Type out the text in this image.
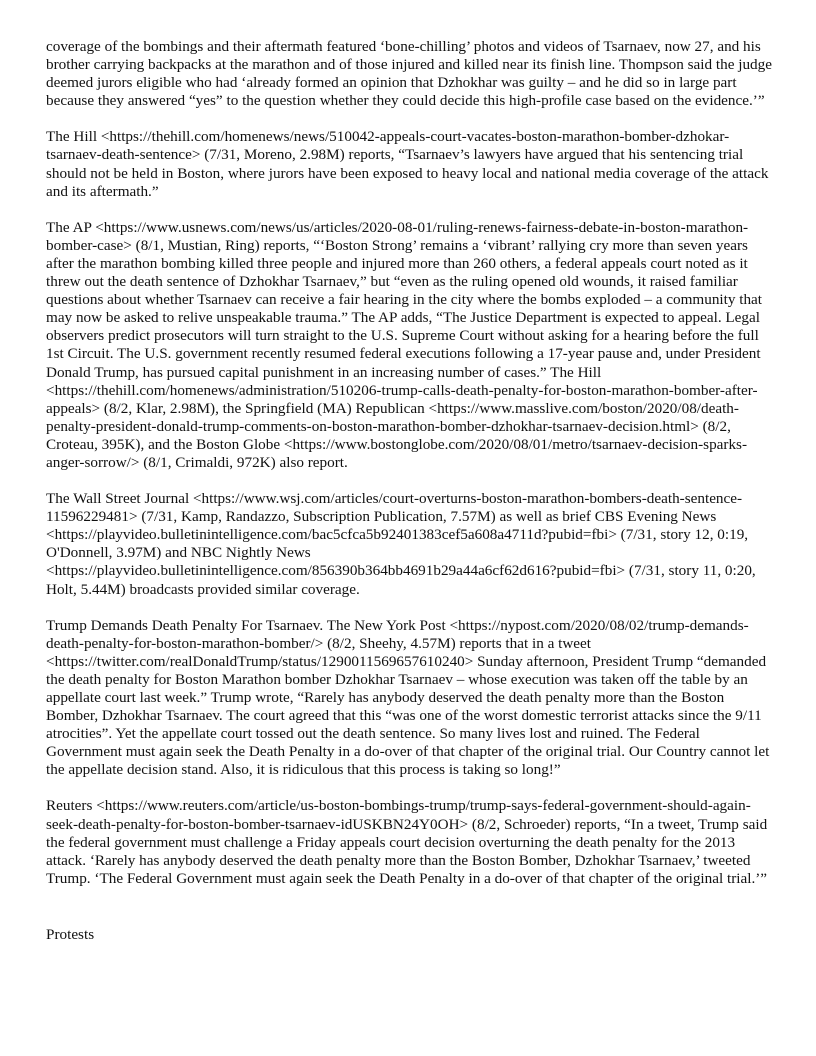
coverage of the bombings and their aftermath featured ‘bone-chilling’ photos and videos of Tsarnaev, now 27, and his brother carrying backpacks at the marathon and of those injured and killed near its finish line. Thompson said the judge deemed jurors eligible who had ‘already formed an opinion that Dzhokhar was guilty – and he did so in large part because they answered “yes” to the question whether they could decide this high-profile case based on the evidence.’”

The Hill <https://thehill.com/homenews/news/510042-appeals-court-vacates-boston-marathon-bomber-dzhokar-tsarnaev-death-sentence> (7/31, Moreno, 2.98M) reports, “Tsarnaev’s lawyers have argued that his sentencing trial should not be held in Boston, where jurors have been exposed to heavy local and national media coverage of the attack and its aftermath.”

The AP <https://www.usnews.com/news/us/articles/2020-08-01/ruling-renews-fairness-debate-in-boston-marathon-bomber-case> (8/1, Mustian, Ring) reports, “‘Boston Strong’ remains a ‘vibrant’ rallying cry more than seven years after the marathon bombing killed three people and injured more than 260 others, a federal appeals court noted as it threw out the death sentence of Dzhokhar Tsarnaev,” but “even as the ruling opened old wounds, it raised familiar questions about whether Tsarnaev can receive a fair hearing in the city where the bombs exploded – a community that may now be asked to relive unspeakable trauma.” The AP adds, “The Justice Department is expected to appeal. Legal observers predict prosecutors will turn straight to the U.S. Supreme Court without asking for a hearing before the full 1st Circuit. The U.S. government recently resumed federal executions following a 17-year pause and, under President Donald Trump, has pursued capital punishment in an increasing number of cases.” The Hill <https://thehill.com/homenews/administration/510206-trump-calls-death-penalty-for-boston-marathon-bomber-after-appeals> (8/2, Klar, 2.98M), the Springfield (MA) Republican <https://www.masslive.com/boston/2020/08/death-penalty-president-donald-trump-comments-on-boston-marathon-bomber-dzhokhar-tsarnaev-decision.html> (8/2, Croteau, 395K), and the Boston Globe <https://www.bostonglobe.com/2020/08/01/metro/tsarnaev-decision-sparks-anger-sorrow/> (8/1, Crimaldi, 972K) also report.

The Wall Street Journal <https://www.wsj.com/articles/court-overturns-boston-marathon-bombers-death-sentence-11596229481> (7/31, Kamp, Randazzo, Subscription Publication, 7.57M) as well as brief CBS Evening News <https://playvideo.bulletinintelligence.com/bac5cfca5b92401383cef5a608a4711d?pubid=fbi> (7/31, story 12, 0:19, O'Donnell, 3.97M) and NBC Nightly News <https://playvideo.bulletinintelligence.com/856390b364bb4691b29a44a6cf62d616?pubid=fbi> (7/31, story 11, 0:20, Holt, 5.44M) broadcasts provided similar coverage.

Trump Demands Death Penalty For Tsarnaev. The New York Post <https://nypost.com/2020/08/02/trump-demands-death-penalty-for-boston-marathon-bomber/> (8/2, Sheehy, 4.57M) reports that in a tweet <https://twitter.com/realDonaldTrump/status/1290011569657610240> Sunday afternoon, President Trump “demanded the death penalty for Boston Marathon bomber Dzhokhar Tsarnaev – whose execution was taken off the table by an appellate court last week.” Trump wrote, “Rarely has anybody deserved the death penalty more than the Boston Bomber, Dzhokhar Tsarnaev. The court agreed that this “was one of the worst domestic terrorist attacks since the 9/11 atrocities”. Yet the appellate court tossed out the death sentence. So many lives lost and ruined. The Federal Government must again seek the Death Penalty in a do-over of that chapter of the original trial. Our Country cannot let the appellate decision stand. Also, it is ridiculous that this process is taking so long!”

Reuters <https://www.reuters.com/article/us-boston-bombings-trump/trump-says-federal-government-should-again-seek-death-penalty-for-boston-bomber-tsarnaev-idUSKBN24Y0OH> (8/2, Schroeder) reports, “In a tweet, Trump said the federal government must challenge a Friday appeals court decision overturning the death penalty for the 2013 attack. ‘Rarely has anybody deserved the death penalty more than the Boston Bomber, Dzhokhar Tsarnaev,’ tweeted Trump. ‘The Federal Government must again seek the Death Penalty in a do-over of that chapter of the original trial.’”

Protests
